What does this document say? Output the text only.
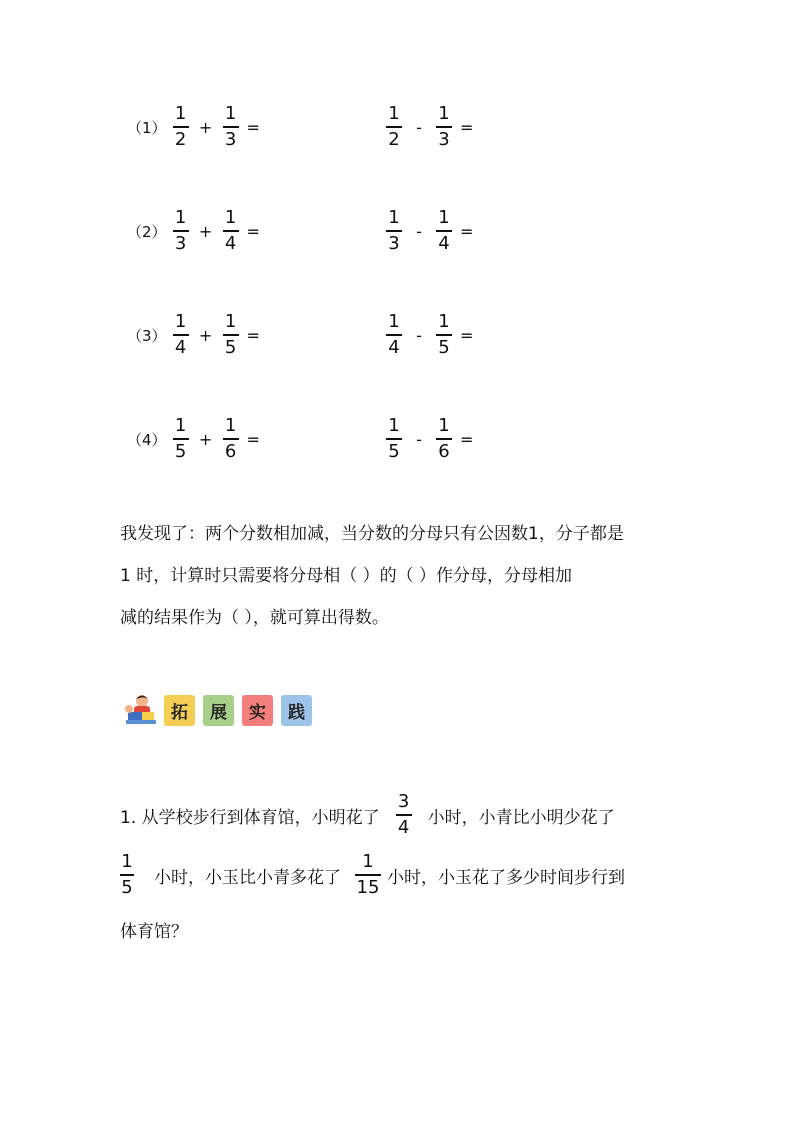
$(1) \frac{1}{2} + \frac{1}{3}$ =	$\frac{1}{2} - \frac{1}{3}$ =
$(2) \frac{1}{3} + \frac{1}{4}$ =	$\frac{1}{3} - \frac{1}{4}$ =
$(3) \frac{1}{4} + \frac{1}{5}$ =	$\frac{1}{4} - \frac{1}{5}$ =
$(4) \frac{1}{5} + \frac{1}{6}$ =	$\frac{1}{5} - \frac{1}{6}$ =
我发现了：两个分数相加减，当分数的分母只有公因数1，分子都是
1 时，计算时只需要将分母相（ ）的（ ）作分母，分母相加
减的结果作为（ ），就可算出得数。
拓	展	实	践
1. 从学校步行到体育馆，小明花了
3
4 小时，小青比小明少花了
1
5 小时，小玉比小青多花了
1
15 小时，小玉花了多少时间步行到
体育馆？
